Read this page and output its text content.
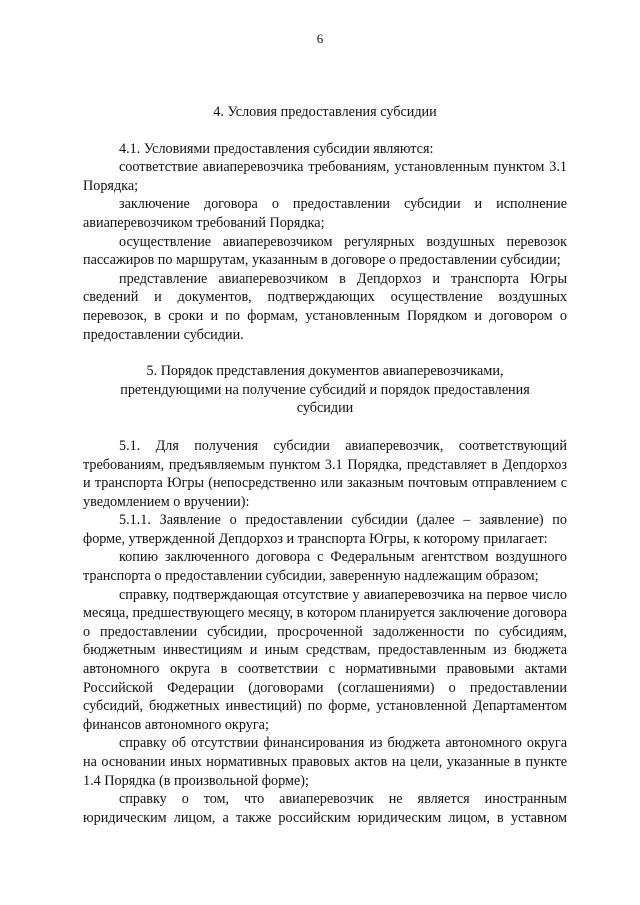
6

4. Условия предоставления субсидии

4.1. Условиями предоставления субсидии являются:

соответствие авиаперевозчика требованиям, установленным пунктом 3.1 Порядка;

заключение договора о предоставлении субсидии и исполнение авиаперевозчиком требований Порядка;

осуществление авиаперевозчиком регулярных воздушных перевозок пассажиров по маршрутам, указанным в договоре о предоставлении субсидии;

представление авиаперевозчиком в Депдорхоз и транспорта Югры сведений и документов, подтверждающих осуществление воздушных перевозок, в сроки и по формам, установленным Порядком и договором о предоставлении субсидии.

5. Порядок представления документов авиаперевозчиками,
претендующими на получение субсидий и порядок предоставления
субсидии

5.1. Для получения субсидии авиаперевозчик, соответствующий требованиям, предъявляемым пунктом 3.1 Порядка, представляет в Депдорхоз и транспорта Югры (непосредственно или заказным почтовым отправлением с уведомлением о вручении):

5.1.1. Заявление о предоставлении субсидии (далее – заявление) по форме, утвержденной Депдорхоз и транспорта Югры, к которому прилагает:

копию заключенного договора с Федеральным агентством воздушного транспорта о предоставлении субсидии, заверенную надлежащим образом;

справку, подтверждающая отсутствие у авиаперевозчика на первое число месяца, предшествующего месяцу, в котором планируется заключение договора о предоставлении субсидии, просроченной задолженности по субсидиям, бюджетным инвестициям и иным средствам, предоставленным из бюджета автономного округа в соответствии с нормативными правовыми актами Российской Федерации (договорами (соглашениями) о предоставлении субсидий, бюджетных инвестиций) по форме, установленной Департаментом финансов автономного округа;

справку об отсутствии финансирования из бюджета автономного округа на основании иных нормативных правовых актов на цели, указанные в пункте 1.4 Порядка (в произвольной форме);

справку о том, что авиаперевозчик не является иностранным юридическим лицом, а также российским юридическим лицом, в уставном
